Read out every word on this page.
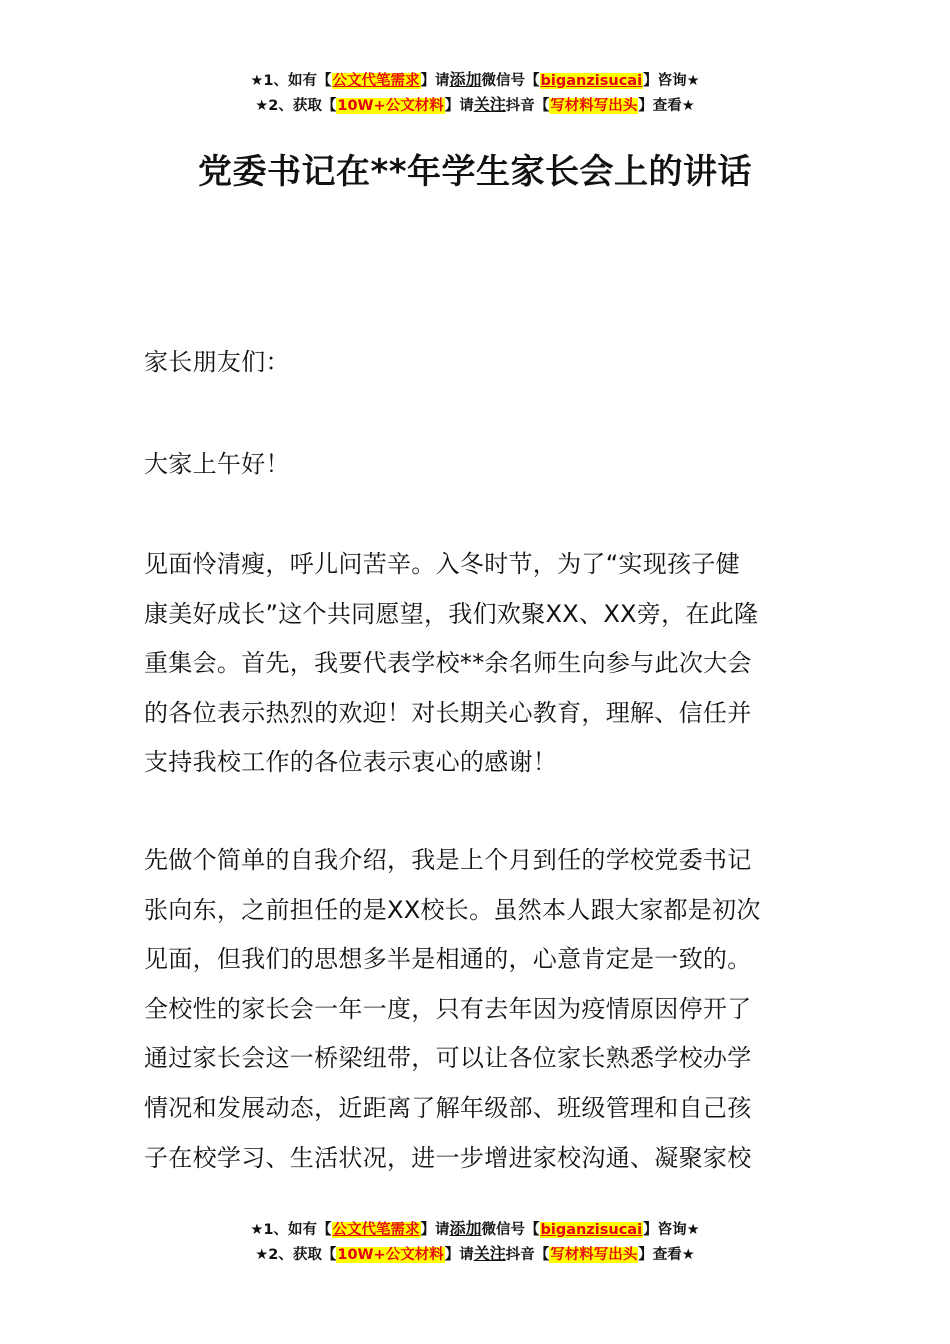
★1、如有【公文代笔需求】请添加微信号【biganzisucai】咨询★
★2、获取【10W+公文材料】请关注抖音【写材料写出头】查看★
党委书记在**年学生家长会上的讲话

家长朋友们：

大家上午好！

见面怜清瘦，呼儿问苦辛。入冬时节，为了“实现孩子健

康美好成长”这个共同愿望，我们欢聚XX、XX旁，在此隆

重集会。首先，我要代表学校**余名师生向参与此次大会

的各位表示热烈的欢迎！对长期关心教育，理解、信任并

支持我校工作的各位表示衷心的感谢！

先做个简单的自我介绍，我是上个月到任的学校党委书记

张向东，之前担任的是XX校长。虽然本人跟大家都是初次

见面，但我们的思想多半是相通的，心意肯定是一致的。

全校性的家长会一年一度，只有去年因为疫情原因停开了

通过家长会这一桥梁纽带，可以让各位家长熟悉学校办学

情况和发展动态，近距离了解年级部、班级管理和自己孩

子在校学习、生活状况，进一步增进家校沟通、凝聚家校

★1、如有【公文代笔需求】请添加微信号【biganzisucai】咨询★
★2、获取【10W+公文材料】请关注抖音【写材料写出头】查看★
